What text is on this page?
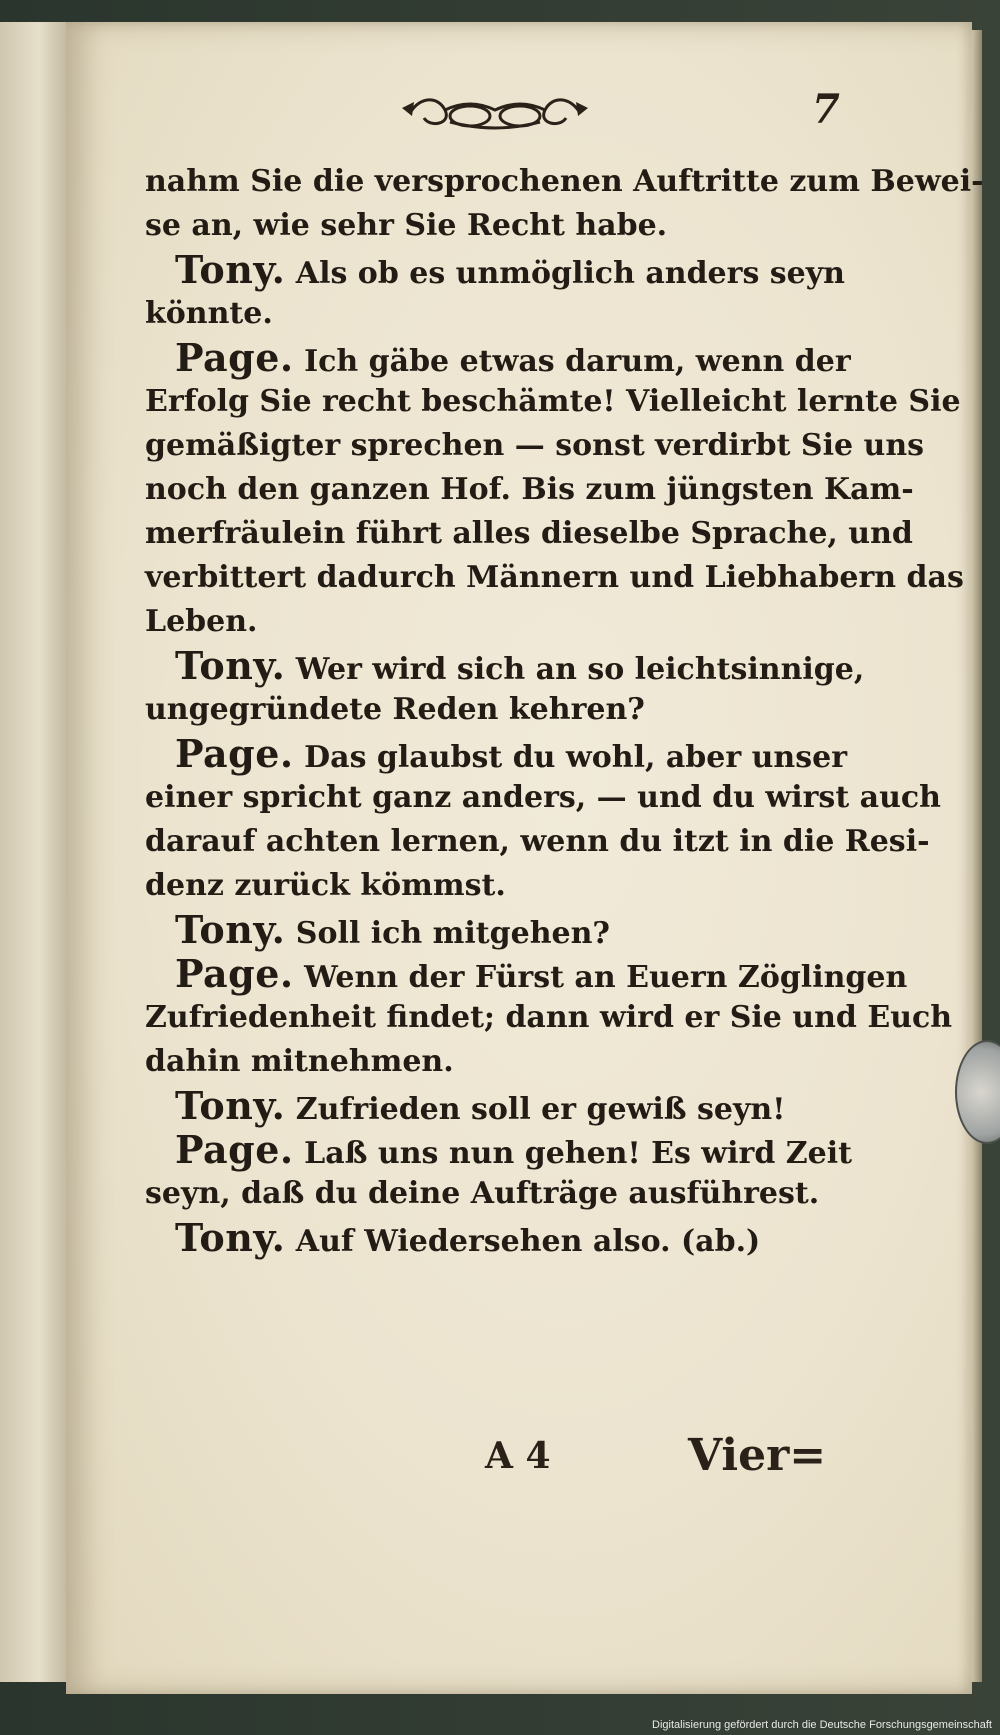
7
nahm Sie die versprochenen Auftritte zum Bewei-
se an, wie sehr Sie Recht habe.
Tony. Als ob es unmöglich anders seyn
könnte.
Page. Ich gäbe etwas darum, wenn der
Erfolg Sie recht beschämte! Vielleicht lernte Sie
gemäßigter sprechen — sonst verdirbt Sie uns
noch den ganzen Hof. Bis zum jüngsten Kam-
merfräulein führt alles dieselbe Sprache, und
verbittert dadurch Männern und Liebhabern das
Leben.
Tony. Wer wird sich an so leichtsinnige,
ungegründete Reden kehren?
Page. Das glaubst du wohl, aber unser
einer spricht ganz anders, — und du wirst auch
darauf achten lernen, wenn du itzt in die Resi-
denz zurück kömmst.
Tony. Soll ich mitgehen?
Page. Wenn der Fürst an Euern Zöglingen
Zufriedenheit findet; dann wird er Sie und Euch
dahin mitnehmen.
Tony. Zufrieden soll er gewiß seyn!
Page. Laß uns nun gehen! Es wird Zeit
seyn, daß du deine Aufträge ausführest.
Tony. Auf Wiedersehen also. (ab.)
A 4	Vier=
Digitalisierung gefördert durch die Deutsche Forschungsgemeinschaft
